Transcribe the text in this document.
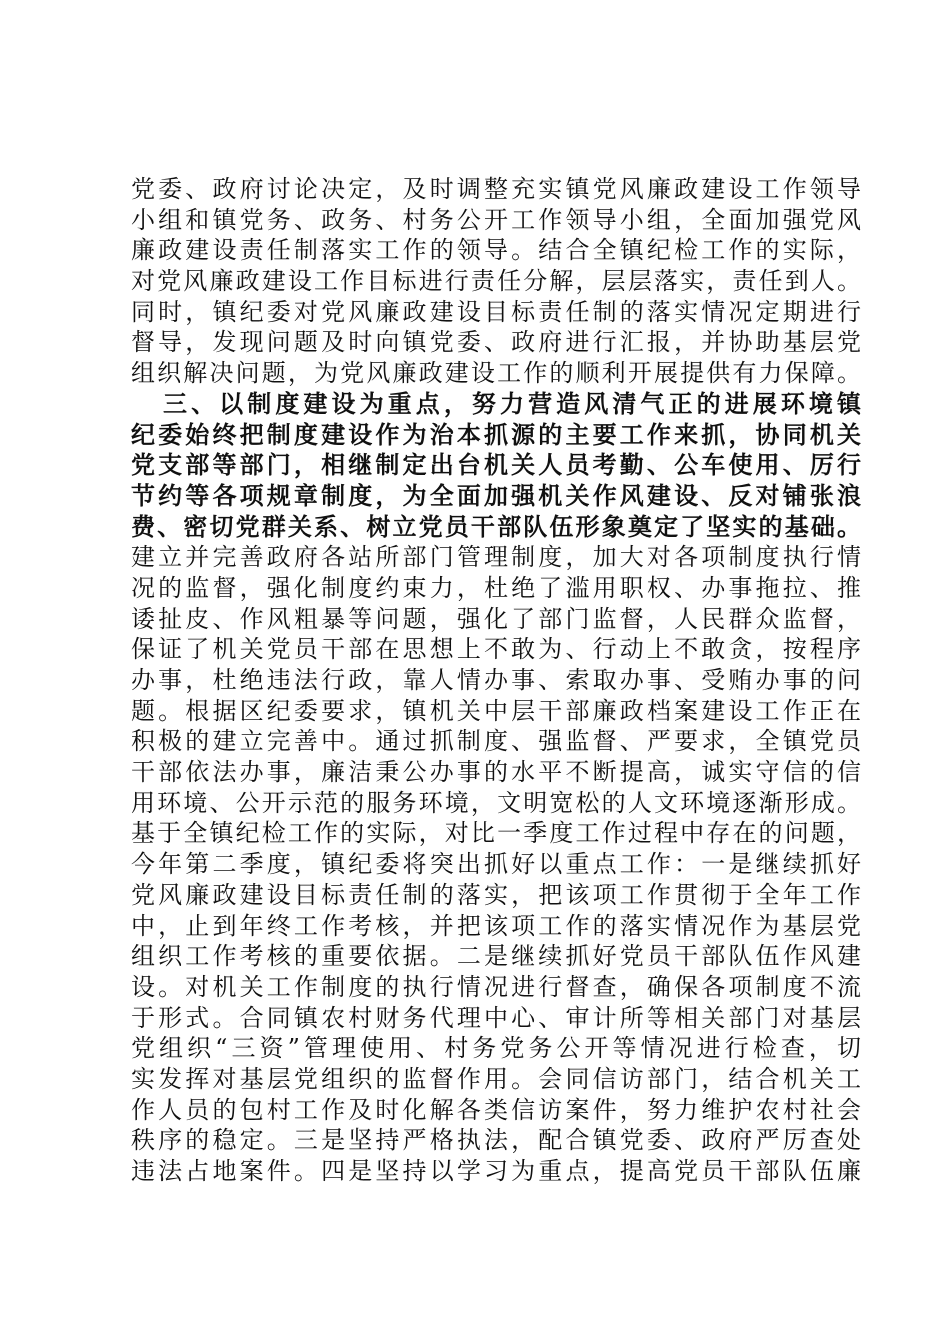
党委、政府讨论决定，及时调整充实镇党风廉政建设工作领导
小组和镇党务、政务、村务公开工作领导小组，全面加强党风
廉政建设责任制落实工作的领导。结合全镇纪检工作的实际，
对党风廉政建设工作目标进行责任分解，层层落实，责任到人。
同时，镇纪委对党风廉政建设目标责任制的落实情况定期进行
督导，发现问题及时向镇党委、政府进行汇报，并协助基层党
组织解决问题，为党风廉政建设工作的顺利开展提供有力保障。
三、以制度建设为重点，努力营造风清气正的进展环境镇
纪委始终把制度建设作为治本抓源的主要工作来抓，协同机关
党支部等部门，相继制定出台机关人员考勤、公车使用、厉行
节约等各项规章制度，为全面加强机关作风建设、反对铺张浪
费、密切党群关系、树立党员干部队伍形象奠定了坚实的基础。
建立并完善政府各站所部门管理制度，加大对各项制度执行情
况的监督，强化制度约束力，杜绝了滥用职权、办事拖拉、推
诿扯皮、作风粗暴等问题，强化了部门监督，人民群众监督，
保证了机关党员干部在思想上不敢为、行动上不敢贪，按程序
办事，杜绝违法行政，靠人情办事、索取办事、受贿办事的问
题。根据区纪委要求，镇机关中层干部廉政档案建设工作正在
积极的建立完善中。通过抓制度、强监督、严要求，全镇党员
干部依法办事，廉洁秉公办事的水平不断提高，诚实守信的信
用环境、公开示范的服务环境，文明宽松的人文环境逐渐形成。
基于全镇纪检工作的实际，对比一季度工作过程中存在的问题，
今年第二季度，镇纪委将突出抓好以重点工作：一是继续抓好
党风廉政建设目标责任制的落实，把该项工作贯彻于全年工作
中，止到年终工作考核，并把该项工作的落实情况作为基层党
组织工作考核的重要依据。二是继续抓好党员干部队伍作风建
设。对机关工作制度的执行情况进行督查，确保各项制度不流
于形式。合同镇农村财务代理中心、审计所等相关部门对基层
党组织“三资”管理使用、村务党务公开等情况进行检查，切
实发挥对基层党组织的监督作用。会同信访部门，结合机关工
作人员的包村工作及时化解各类信访案件，努力维护农村社会
秩序的稳定。三是坚持严格执法，配合镇党委、政府严厉查处
违法占地案件。四是坚持以学习为重点，提高党员干部队伍廉
